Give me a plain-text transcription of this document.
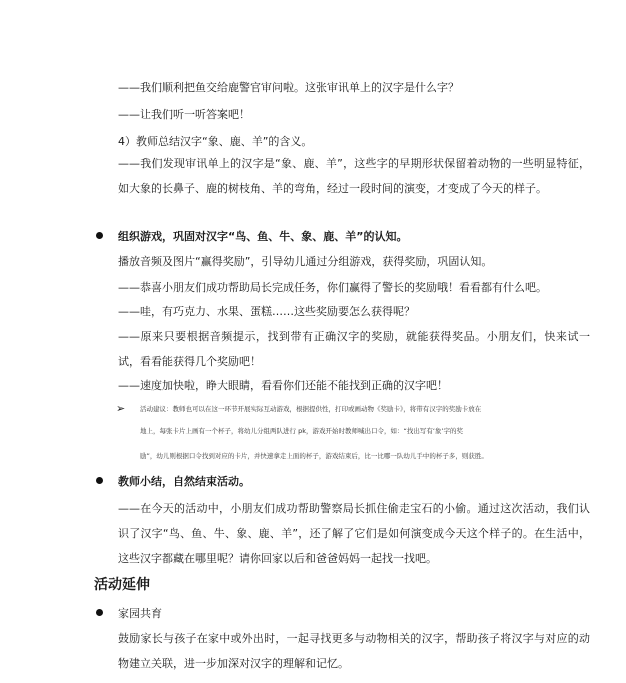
——我们顺利把鱼交给鹿警官审问啦。这张审讯单上的汉字是什么字？
——让我们听一听答案吧！
4）教师总结汉字“象、鹿、羊”的含义。
——我们发现审讯单上的汉字是“象、鹿、羊”，这些字的早期形状保留着动物的一些明显特征，如大象的长鼻子、鹿的树枝角、羊的弯角，经过一段时间的演变，才变成了今天的样子。
组织游戏，巩固对汉字“鸟、鱼、牛、象、鹿、羊”的认知。
播放音频及图片“赢得奖励”，引导幼儿通过分组游戏，获得奖励，巩固认知。
——恭喜小朋友们成功帮助局长完成任务，你们赢得了警长的奖励哦！看看都有什么吧。
——哇，有巧克力、水果、蛋糕……这些奖励要怎么获得呢？
——原来只要根据音频提示，找到带有正确汉字的奖励，就能获得奖品。小朋友们，快来试一试，看看能获得几个奖励吧！
——速度加快啦，睁大眼睛，看看你们还能不能找到正确的汉字吧！
➢ 活动建议：教师也可以在这一环节开展实际互动游戏，根据提供性，打印或画动物《奖励卡》，将带有汉字的奖励卡放在
地上，每张卡片上画有一个杯子，将幼儿分组两队进行 pk，游戏开始时教师喊出口令，如：“找出写有‘象’字的奖
励”，幼儿则根据口令找到对应的卡片，并快速拿走上面的杯子，游戏结束后，比一比哪一队幼儿手中的杯子多，则获胜。
教师小结，自然结束活动。
——在今天的活动中，小朋友们成功帮助警察局长抓住偷走宝石的小偷。通过这次活动，我们认识了汉字“鸟、鱼、牛、象、鹿、羊”，还了解了它们是如何演变成今天这个样子的。在生活中，这些汉字都藏在哪里呢？请你回家以后和爸爸妈妈一起找一找吧。
活动延伸
家园共育
鼓励家长与孩子在家中或外出时，一起寻找更多与动物相关的汉字，帮助孩子将汉字与对应的动物建立关联，进一步加深对汉字的理解和记忆。
